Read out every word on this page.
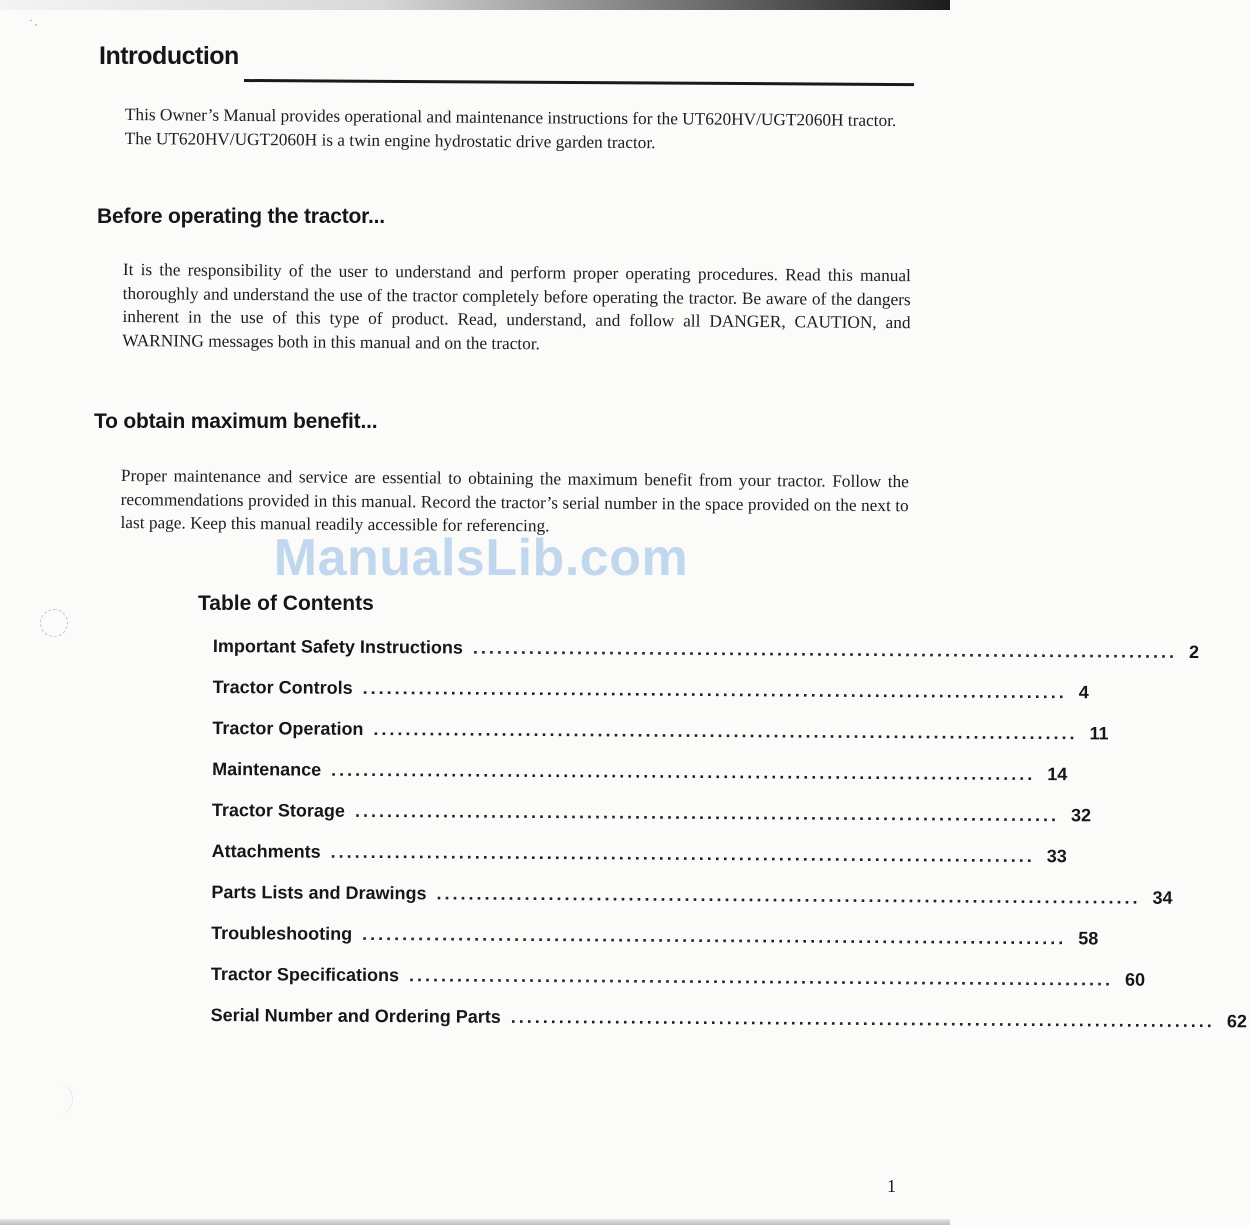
˙·
Introduction

This Owner’s Manual provides operational and maintenance instructions for the UT620HV/UGT2060H tractor. The UT620HV/UGT2060H is a twin engine hydrostatic drive garden tractor.

Before operating the tractor...

It is the responsibility of the user to understand and perform proper operating procedures. Read this manual thoroughly and understand the use of the tractor completely before operating the tractor. Be aware of the dangers inherent in the use of this type of product. Read, understand, and follow all DANGER, CAUTION, and WARNING messages both in this manual and on the tractor.

To obtain maximum benefit...

Proper maintenance and service are essential to obtaining the maximum benefit from your tractor. Follow the recommendations provided in this manual. Record the tractor’s serial number in the space provided on the next to last page. Keep this manual readily accessible for referencing.

ManualsLib.com
Table of Contents
Important Safety Instructions ........................................................................................ 2
Tractor Controls ........................................................................................ 4
Tractor Operation ........................................................................................ 11
Maintenance ........................................................................................ 14
Tractor Storage ........................................................................................ 32
Attachments ........................................................................................ 33
Parts Lists and Drawings ........................................................................................ 34
Troubleshooting ........................................................................................ 58
Tractor Specifications ........................................................................................ 60
Serial Number and Ordering Parts ........................................................................................ 62

1
